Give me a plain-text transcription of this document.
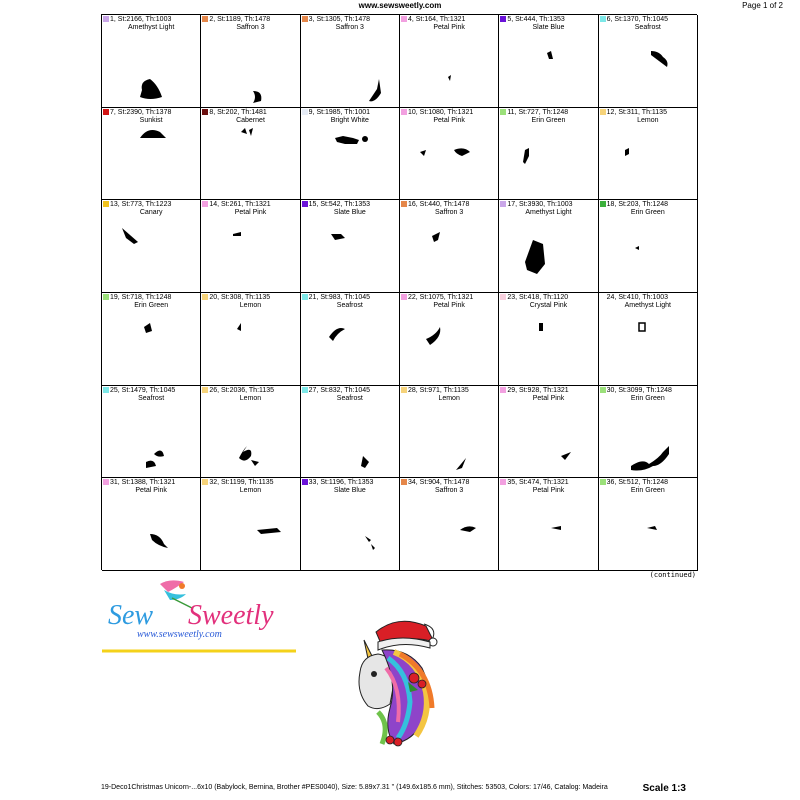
www.sewsweetly.com	Page 1 of 2
1, St:2166, Th:1003
Amethyst Light
2, St:1189, Th:1478
Saffron 3
3, St:1305, Th:1478
Saffron 3
4, St:164, Th:1321
Petal Pink
5, St:444, Th:1353
Slate Blue
6, St:1370, Th:1045
Seafrost
7, St:2390, Th:1378
Sunkist
8, St:202, Th:1481
Cabernet
9, St:1985, Th:1001
Bright White
10, St:1080, Th:1321
Petal Pink
11, St:727, Th:1248
Erin Green
12, St:311, Th:1135
Lemon
13, St:773, Th:1223
Canary
14, St:261, Th:1321
Petal Pink
15, St:542, Th:1353
Slate Blue
16, St:440, Th:1478
Saffron 3
17, St:3930, Th:1003
Amethyst Light
18, St:203, Th:1248
Erin Green
19, St:718, Th:1248
Erin Green
20, St:308, Th:1135
Lemon
21, St:983, Th:1045
Seafrost
22, St:1075, Th:1321
Petal Pink
23, St:418, Th:1120
Crystal Pink
24, St:410, Th:1003
Amethyst Light
25, St:1479, Th:1045
Seafrost
26, St:2036, Th:1135
Lemon
27, St:832, Th:1045
Seafrost
28, St:971, Th:1135
Lemon
29, St:928, Th:1321
Petal Pink
30, St:3099, Th:1248
Erin Green
31, St:1388, Th:1321
Petal Pink
32, St:1199, Th:1135
Lemon
33, St:1196, Th:1353
Slate Blue
34, St:904, Th:1478
Saffron 3
35, St:474, Th:1321
Petal Pink
36, St:512, Th:1248
Erin Green
(continued)
Sew Sweetly
www.sewsweetly.com
19-Deco1Christmas Unicorn-...6x10 (Babylock, Bernina, Brother #PES0040), Size: 5.89x7.31 " (149.6x185.6 mm), Stitches: 53503, Colors: 17/46, Catalog: Madeira	Scale 1:3
